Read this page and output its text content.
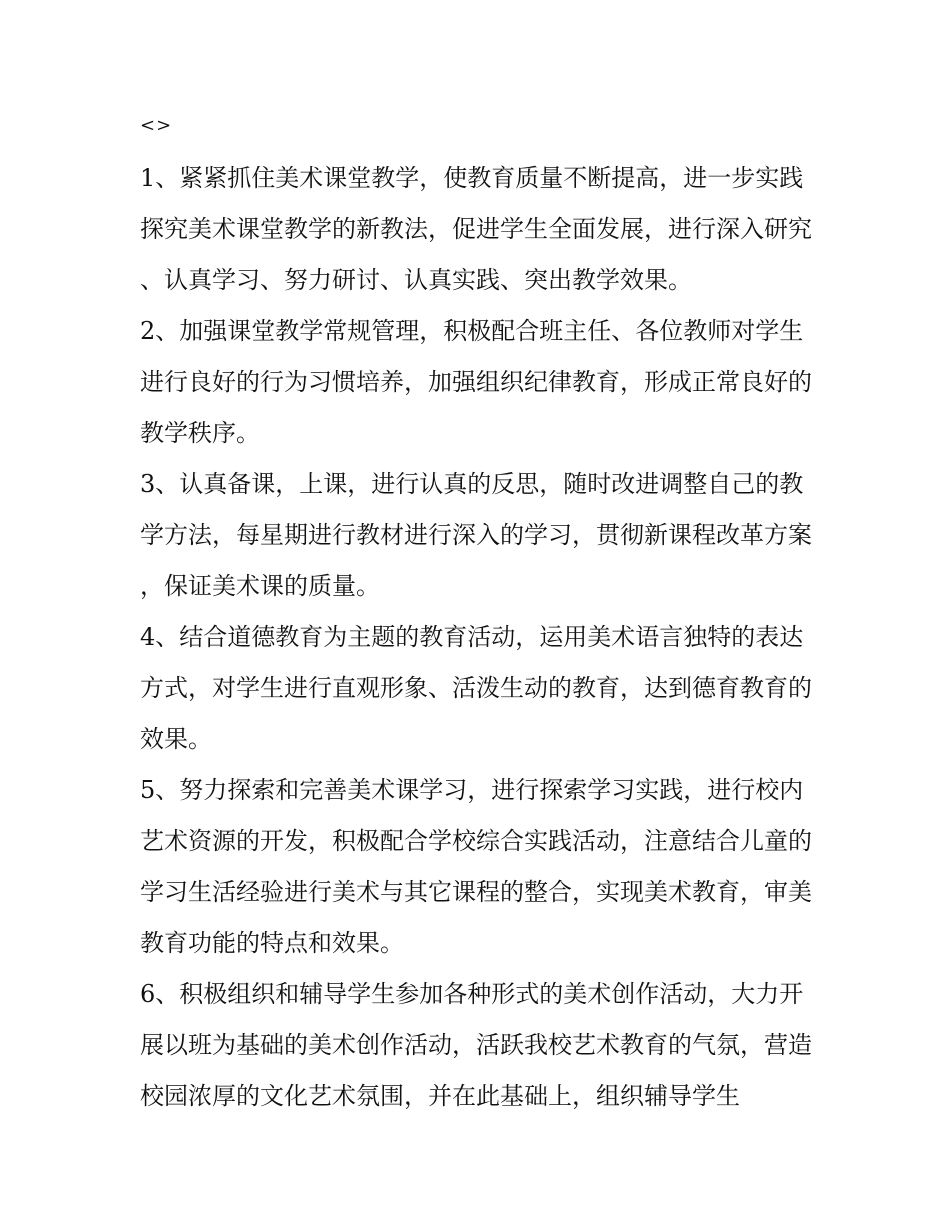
<>

1、紧紧抓住美术课堂教学，使教育质量不断提高，进一步实践探究美术课堂教学的新教法，促进学生全面发展，进行深入研究、认真学习、努力研讨、认真实践、突出教学效果。

2、加强课堂教学常规管理，积极配合班主任、各位教师对学生进行良好的行为习惯培养，加强组织纪律教育，形成正常良好的教学秩序。

3、认真备课，上课，进行认真的反思，随时改进调整自己的教学方法，每星期进行教材进行深入的学习，贯彻新课程改革方案，保证美术课的质量。

4、结合道德教育为主题的教育活动，运用美术语言独特的表达方式，对学生进行直观形象、活泼生动的教育，达到德育教育的效果。

5、努力探索和完善美术课学习，进行探索学习实践，进行校内艺术资源的开发，积极配合学校综合实践活动，注意结合儿童的学习生活经验进行美术与其它课程的整合，实现美术教育，审美教育功能的特点和效果。

6、积极组织和辅导学生参加各种形式的美术创作活动，大力开展以班为基础的美术创作活动，活跃我校艺术教育的气氛，营造校园浓厚的文化艺术氛围，并在此基础上，组织辅导学生
